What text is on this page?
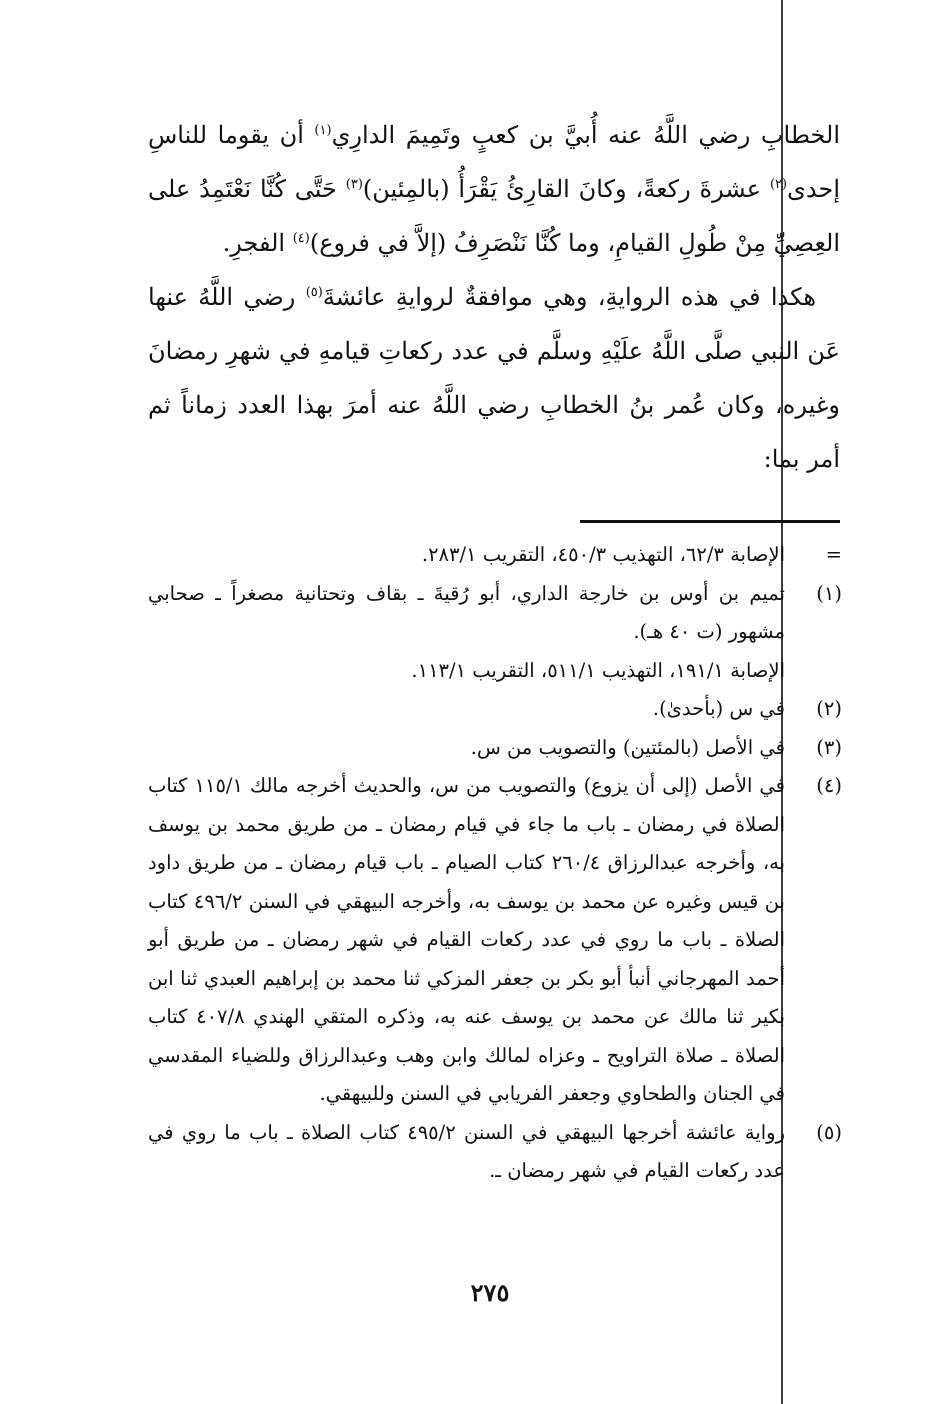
الخطابِ رضي اللَّهُ عنه أُبيَّ بن كعبٍ وتَمِيمَ الدارِي$^{(١)}$ أن يقوما للناسِ إحدى$^{(٢)}$ عشرةَ ركعةً، وكانَ القارِئُ يَقْرَأُ (بالمِئين)$^{(٣)}$ حَتَّى كُنَّا نَعْتَمِدُ على العِصِيِّ مِنْ طُولِ القيامِ، وما كُنَّا نَنْصَرِفُ (إلاَّ في فروع)$^{(٤)}$ الفجرِ.

هكذا في هذه الروايةِ، وهي موافقةٌ لروايةِ عائشةَ$^{(٥)}$ رضي اللَّهُ عنها عَن النبي صلَّى اللَّهُ علَيْهِ وسلَّم في عدد ركعاتِ قيامهِ في شهرِ رمضانَ وغيره، وكان عُمر بنُ الخطابِ رضي اللَّهُ عنه أمرَ بهذا العدد زماناً ثم أمر بما:

=
الإصابة ٦٢/٣، التهذيب ٤٥٠/٣، التقريب ٢٨٣/١.
(١)
تميم بن أوس بن خارجة الداري، أبو رُقيةَ ـ بقاف وتحتانية مصغراً ـ صحابي مشهور (ت ٤٠ هـ).
الإصابة ١٩١/١، التهذيب ٥١١/١، التقريب ١١٣/١.
(٢)
في س (بأحدىٰ).
(٣)
في الأصل (بالمئتين) والتصويب من س.
(٤)
في الأصل (إلى أن يزوع) والتصويب من س، والحديث أخرجه مالك ١١٥/١ كتاب الصلاة في رمضان ـ باب ما جاء في قيام رمضان ـ من طريق محمد بن يوسف به، وأخرجه عبدالرزاق ٢٦٠/٤ كتاب الصيام ـ باب قيام رمضان ـ من طريق داود بن قيس وغيره عن محمد بن يوسف به، وأخرجه البيهقي في السنن ٤٩٦/٢ كتاب الصلاة ـ باب ما روي في عدد ركعات القيام في شهر رمضان ـ من طريق أبو أحمد المهرجاني أنبأ أبو بكر بن جعفر المزكي ثنا محمد بن إبراهيم العبدي ثنا ابن بكير ثنا مالك عن محمد بن يوسف عنه به، وذكره المتقي الهندي ٤٠٧/٨ كتاب الصلاة ـ صلاة التراويح ـ وعزاه لمالك وابن وهب وعبدالرزاق وللضياء المقدسي في الجنان والطحاوي وجعفر الفريابي في السنن وللبيهقي.
(٥)
رواية عائشة أخرجها البيهقي في السنن ٤٩٥/٢ كتاب الصلاة ـ باب ما روي في عدد ركعات القيام في شهر رمضان ـ.
٢٧٥
